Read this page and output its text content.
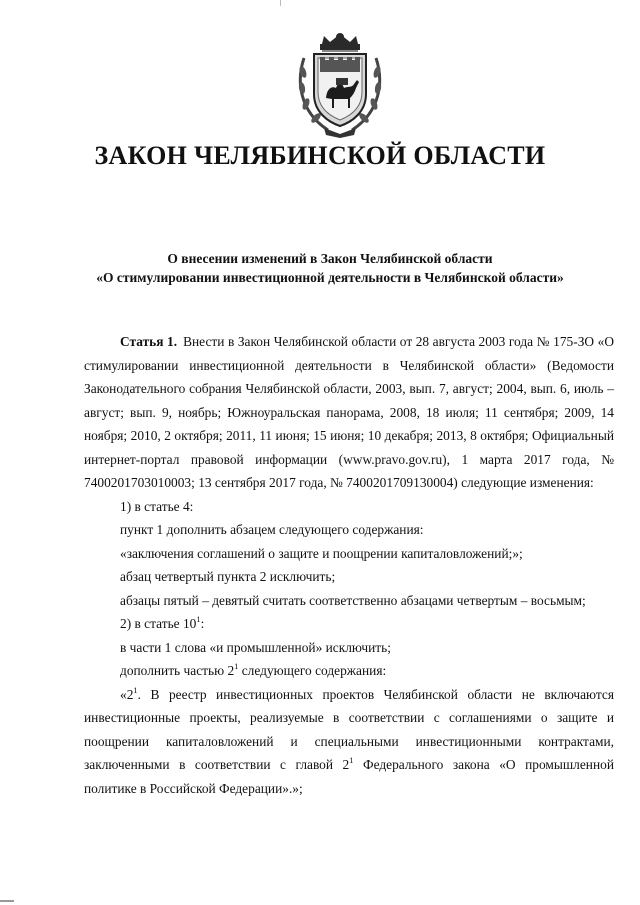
ЗАКОН ЧЕЛЯБИНСКОЙ ОБЛАСТИ
О внесении изменений в Закон Челябинской области
«О стимулировании инвестиционной деятельности в Челябинской области»

Статья 1. Внести в Закон Челябинской области от 28 августа 2003 года № 175-ЗО «О стимулировании инвестиционной деятельности в Челябинской области» (Ведомости Законодательного собрания Челябинской области, 2003, вып. 7, август; 2004, вып. 6, июль – август; вып. 9, ноябрь; Южноуральская панорама, 2008, 18 июля; 11 сентября; 2009, 14 ноября; 2010, 2 октября; 2011, 11 июня; 15 июня; 10 декабря; 2013, 8 октября; Официальный интернет-портал правовой информации (www.pravo.gov.ru), 1 марта 2017 года, № 7400201703010003; 13 сентября 2017 года, № 7400201709130004) следующие изменения:

1) в статье 4:

пункт 1 дополнить абзацем следующего содержания:

«заключения соглашений о защите и поощрении капиталовложений;»;

абзац четвертый пункта 2 исключить;

абзацы пятый – девятый считать соответственно абзацами четвертым – восьмым;

2) в статье $10^1$:

в части 1 слова «и промышленной» исключить;

дополнить частью $2^1$ следующего содержания:

«$2^1$. В реестр инвестиционных проектов Челябинской области не включаются инвестиционные проекты, реализуемые в соответствии с соглашениями о защите и поощрении капиталовложений и специальными инвестиционными контрактами, заключенными в соответствии с главой $2^1$ Федерального закона «О промышленной политике в Российской Федерации».»;
